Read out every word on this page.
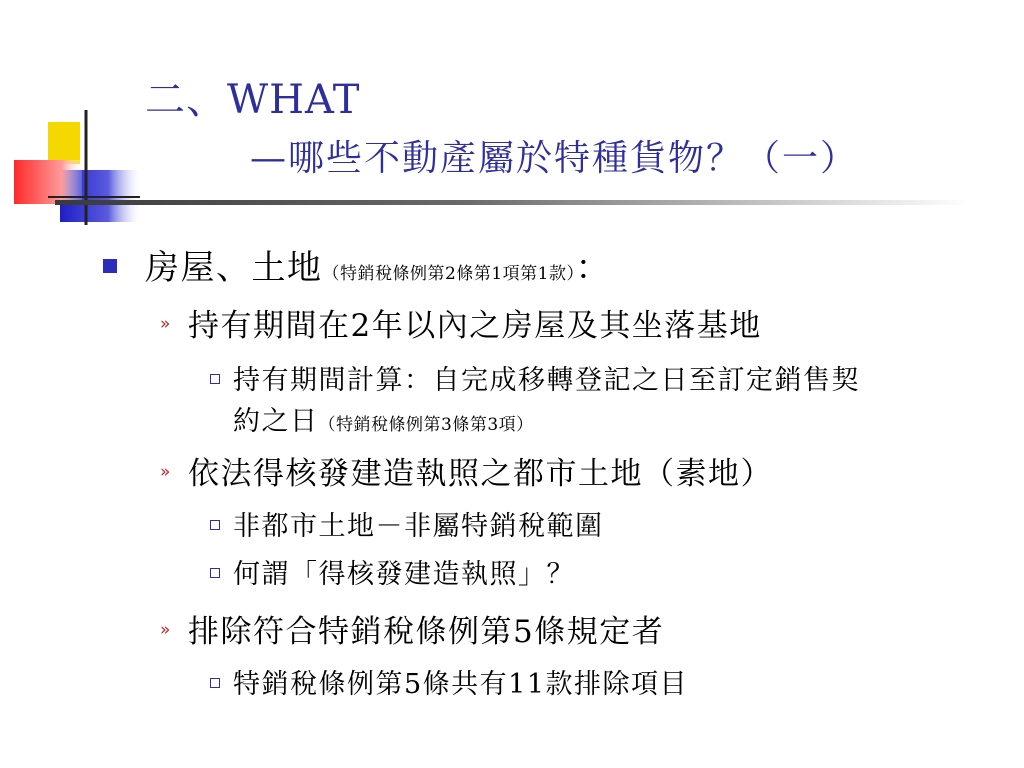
二、WHAT
—哪些不動產屬於特種貨物？（一）
房屋、土地（特銷稅條例第2條第1項第1款）：
» 持有期間在2年以內之房屋及其坐落基地
持有期間計算：自完成移轉登記之日至訂定銷售契
約之日（特銷稅條例第3條第3項）
» 依法得核發建造執照之都市土地（素地）
非都市土地－非屬特銷稅範圍
何謂「得核發建造執照」？
» 排除符合特銷稅條例第5條規定者
特銷稅條例第5條共有11款排除項目
